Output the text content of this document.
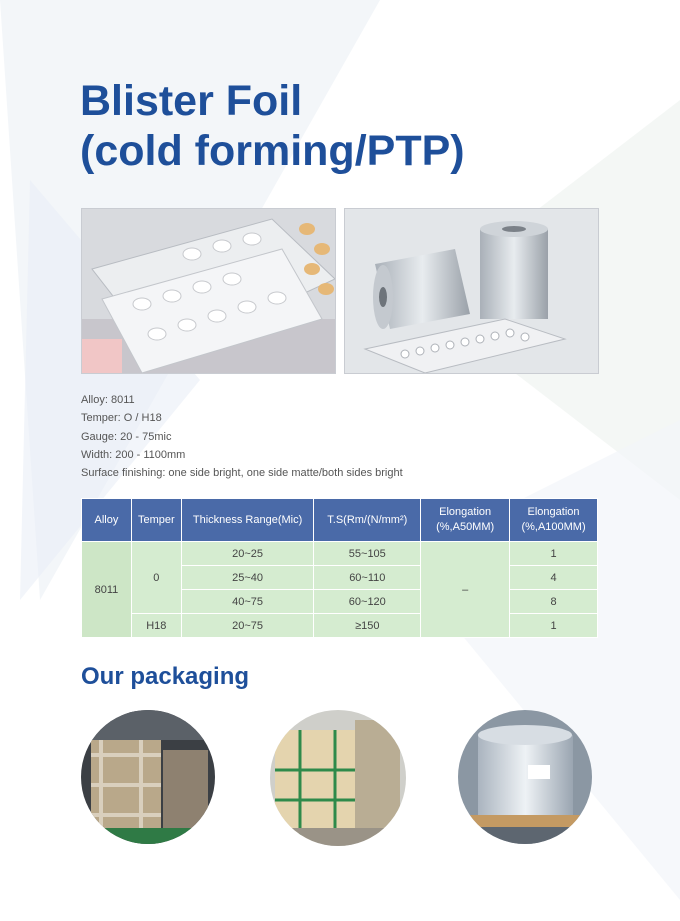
Blister Foil
(cold forming/PTP)
Alloy: 8011
Temper: O / H18
Gauge: 20 - 75mic
Width: 200 - 1100mm
Surface finishing: one side bright, one side matte/both sides bright
Alloy	Temper	Thickness Range(Mic)	T.S(Rm/(N/mm²)	Elongation (%,A50MM)	Elongation (%,A100MM)
8011	0	20~25	55~105	–	1
		25~40	60~110		4
		40~75	60~120		8
	H18	20~75	≥150		1
Our packaging
